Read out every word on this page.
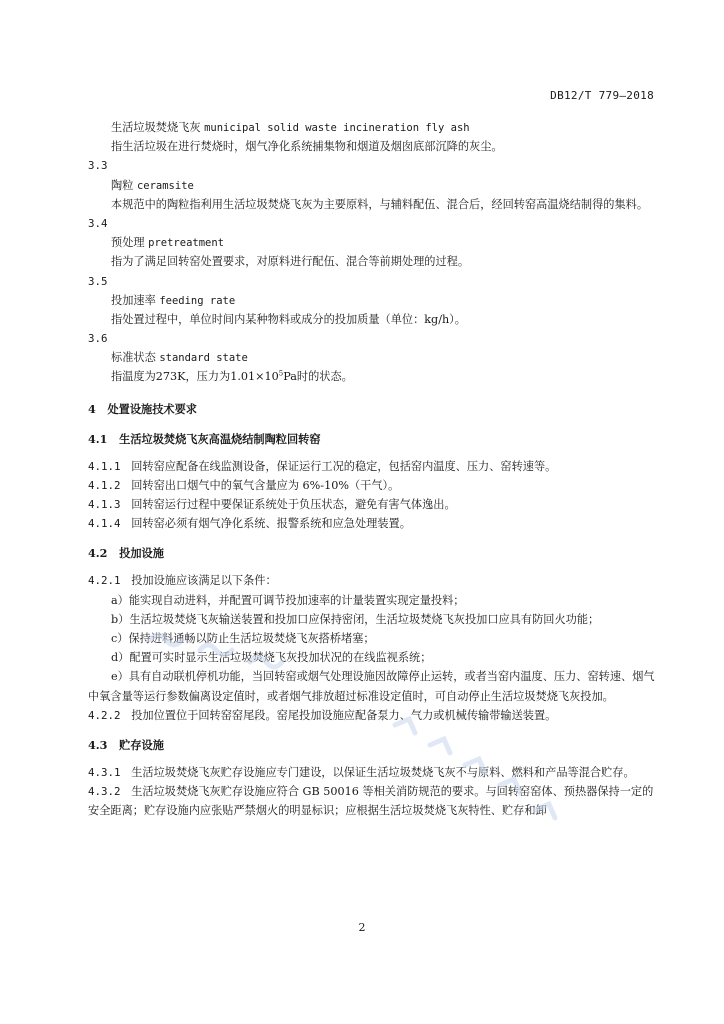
DB12/T 779—2018
生活垃圾焚烧飞灰 municipal solid waste incineration fly ash
指生活垃圾在进行焚烧时，烟气净化系统捕集物和烟道及烟囱底部沉降的灰尘。
3.3
陶粒 ceramsite
本规范中的陶粒指利用生活垃圾焚烧飞灰为主要原料，与辅料配伍、混合后，经回转窑高温烧结制得的集料。
3.4
预处理 pretreatment
指为了满足回转窑处置要求，对原料进行配伍、混合等前期处理的过程。
3.5
投加速率 feeding rate
指处置过程中，单位时间内某种物料或成分的投加质量（单位：kg/h）。
3.6
标准状态 standard state
指温度为273K，压力为$1.01\times 10^5Pa$时的状态。
4 处置设施技术要求
4.1 生活垃圾焚烧飞灰高温烧结制陶粒回转窑
4.1.1 回转窑应配备在线监测设备，保证运行工况的稳定，包括窑内温度、压力、窑转速等。
4.1.2 回转窑出口烟气中的氧气含量应为 6%-10%（干气）。
4.1.3 回转窑运行过程中要保证系统处于负压状态，避免有害气体逸出。
4.1.4 回转窑必须有烟气净化系统、报警系统和应急处理装置。
4.2 投加设施
4.2.1 投加设施应该满足以下条件：
a）能实现自动进料，并配置可调节投加速率的计量装置实现定量投料；
b）生活垃圾焚烧飞灰输送装置和投加口应保持密闭，生活垃圾焚烧飞灰投加口应具有防回火功能；
c）保持进料通畅以防止生活垃圾焚烧飞灰搭桥堵塞；
d）配置可实时显示生活垃圾焚烧飞灰投加状况的在线监视系统；
e）具有自动联机停机功能，当回转窑或烟气处理设施因故障停止运转，或者当窑内温度、压力、窑转速、烟气中氧含量等运行参数偏离设定值时，或者烟气排放超过标准设定值时，可自动停止生活垃圾焚烧飞灰投加。
4.2.2 投加位置位于回转窑窑尾段。窑尾投加设施应配备泵力、气力或机械传输带输送装置。
4.3 贮存设施
4.3.1 生活垃圾焚烧飞灰贮存设施应专门建设，以保证生活垃圾焚烧飞灰不与原料、燃料和产品等混合贮存。
4.3.2 生活垃圾焚烧飞灰贮存设施应符合 GB 50016 等相关消防规范的要求。与回转窑窑体、预热器保持一定的安全距离；贮存设施内应张贴严禁烟火的明显标识；应根据生活垃圾焚烧飞灰特性、贮存和卸
2
